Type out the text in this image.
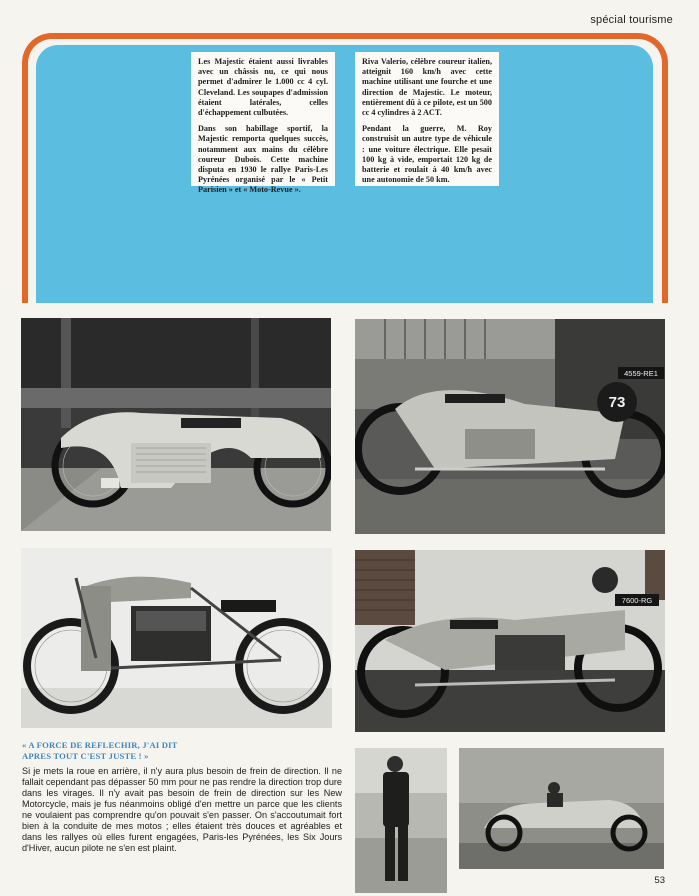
spécial tourisme

Les Majestic étaient aussi livrables avec un châssis nu, ce qui nous permet d'admirer le 1.000 cc 4 cyl. Cleveland. Les soupapes d'admission étaient latérales, celles d'échappement culbutées.

Dans son habillage sportif, la Majestic remporta quelques succès, notamment aux mains du célèbre coureur Dubois. Cette machine disputa en 1930 le rallye Paris-Les Pyrénées organisé par le « Petit Parisien » et « Moto-Revue ».

Riva Valerio, célèbre coureur italien, atteignit 160 km/h avec cette machine utilisant une fourche et une direction de Majestic. Le moteur, entièrement dû à ce pilote, est un 500 cc 4 cylindres à 2 ACT.

Pendant la guerre, M. Roy construisit un autre type de véhicule : une voiture électrique. Elle pesait 100 kg à vide, emportait 120 kg de batterie et roulait à 40 km/h avec une autonomie de 50 km.

73
4559-RE1
7600-RG
« A FORCE DE REFLECHIR, J'AI DIT
APRES TOUT C'EST JUSTE ! »

Si je mets la roue en arrière, il n'y aura plus besoin de frein de direction. Il ne fallait cependant pas dépasser 50 mm pour ne pas rendre la direction trop dure dans les virages. Il n'y avait pas besoin de frein de direction sur les New Motorcycle, mais je fus néanmoins obligé d'en mettre un parce que les clients ne voulaient pas comprendre qu'on pouvait s'en passer. On s'accoutumait fort bien à la conduite de mes motos ; elles étaient très douces et agréables et dans les rallyes où elles furent engagées, Paris-les Pyrénées, les Six Jours d'Hiver, aucun pilote ne s'en est plaint.

53
